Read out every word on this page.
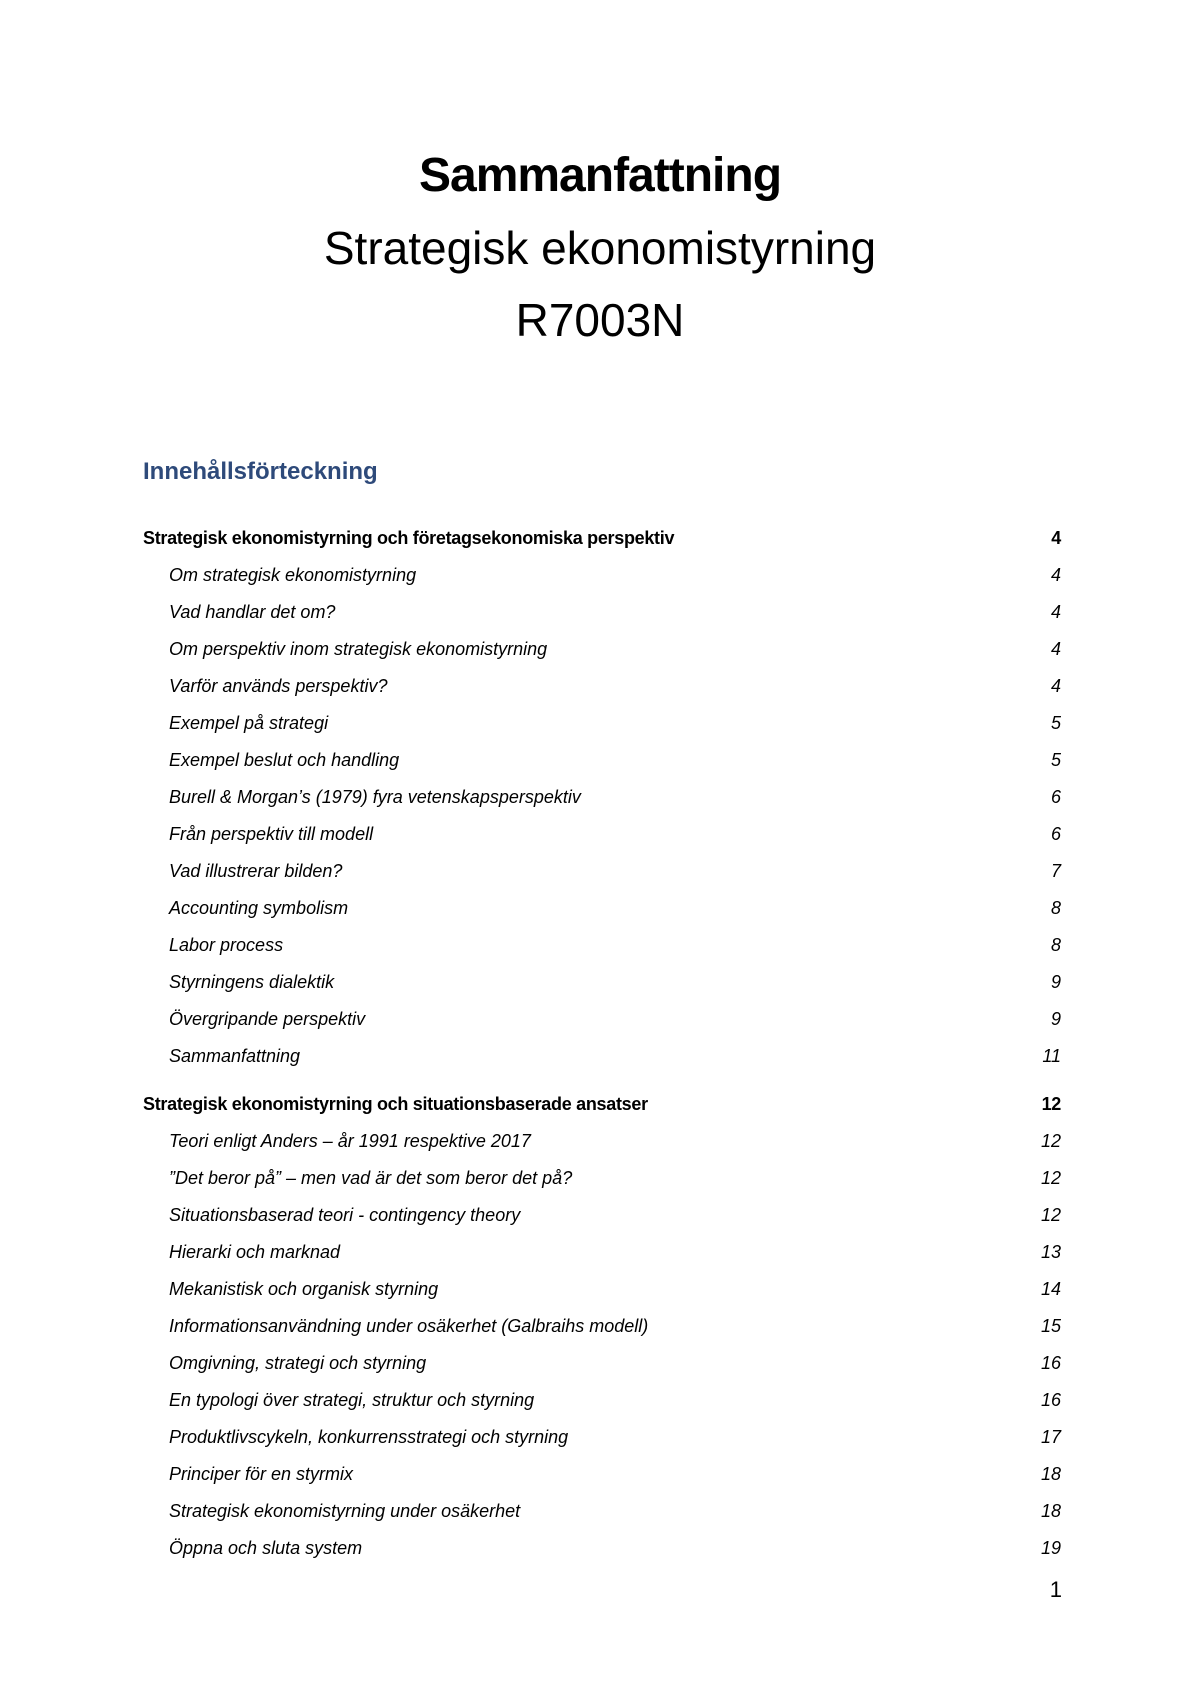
Sammanfattning
Strategisk ekonomistyrning
R7003N
Innehållsförteckning
Strategisk ekonomistyrning och företagsekonomiska perspektiv	4
Om strategisk ekonomistyrning	4
Vad handlar det om?	4
Om perspektiv inom strategisk ekonomistyrning	4
Varför används perspektiv?	4
Exempel på strategi	5
Exempel beslut och handling	5
Burell & Morgan’s (1979) fyra vetenskapsperspektiv	6
Från perspektiv till modell	6
Vad illustrerar bilden?	7
Accounting symbolism	8
Labor process	8
Styrningens dialektik	9
Övergripande perspektiv	9
Sammanfattning	11
Strategisk ekonomistyrning och situationsbaserade ansatser	12
Teori enligt Anders – år 1991 respektive 2017	12
”Det beror på” – men vad är det som beror det på?	12
Situationsbaserad teori - contingency theory	12
Hierarki och marknad	13
Mekanistisk och organisk styrning	14
Informationsanvändning under osäkerhet (Galbraihs modell)	15
Omgivning, strategi och styrning	16
En typologi över strategi, struktur och styrning	16
Produktlivscykeln, konkurrensstrategi och styrning	17
Principer för en styrmix	18
Strategisk ekonomistyrning under osäkerhet	18
Öppna och sluta system	19
1
